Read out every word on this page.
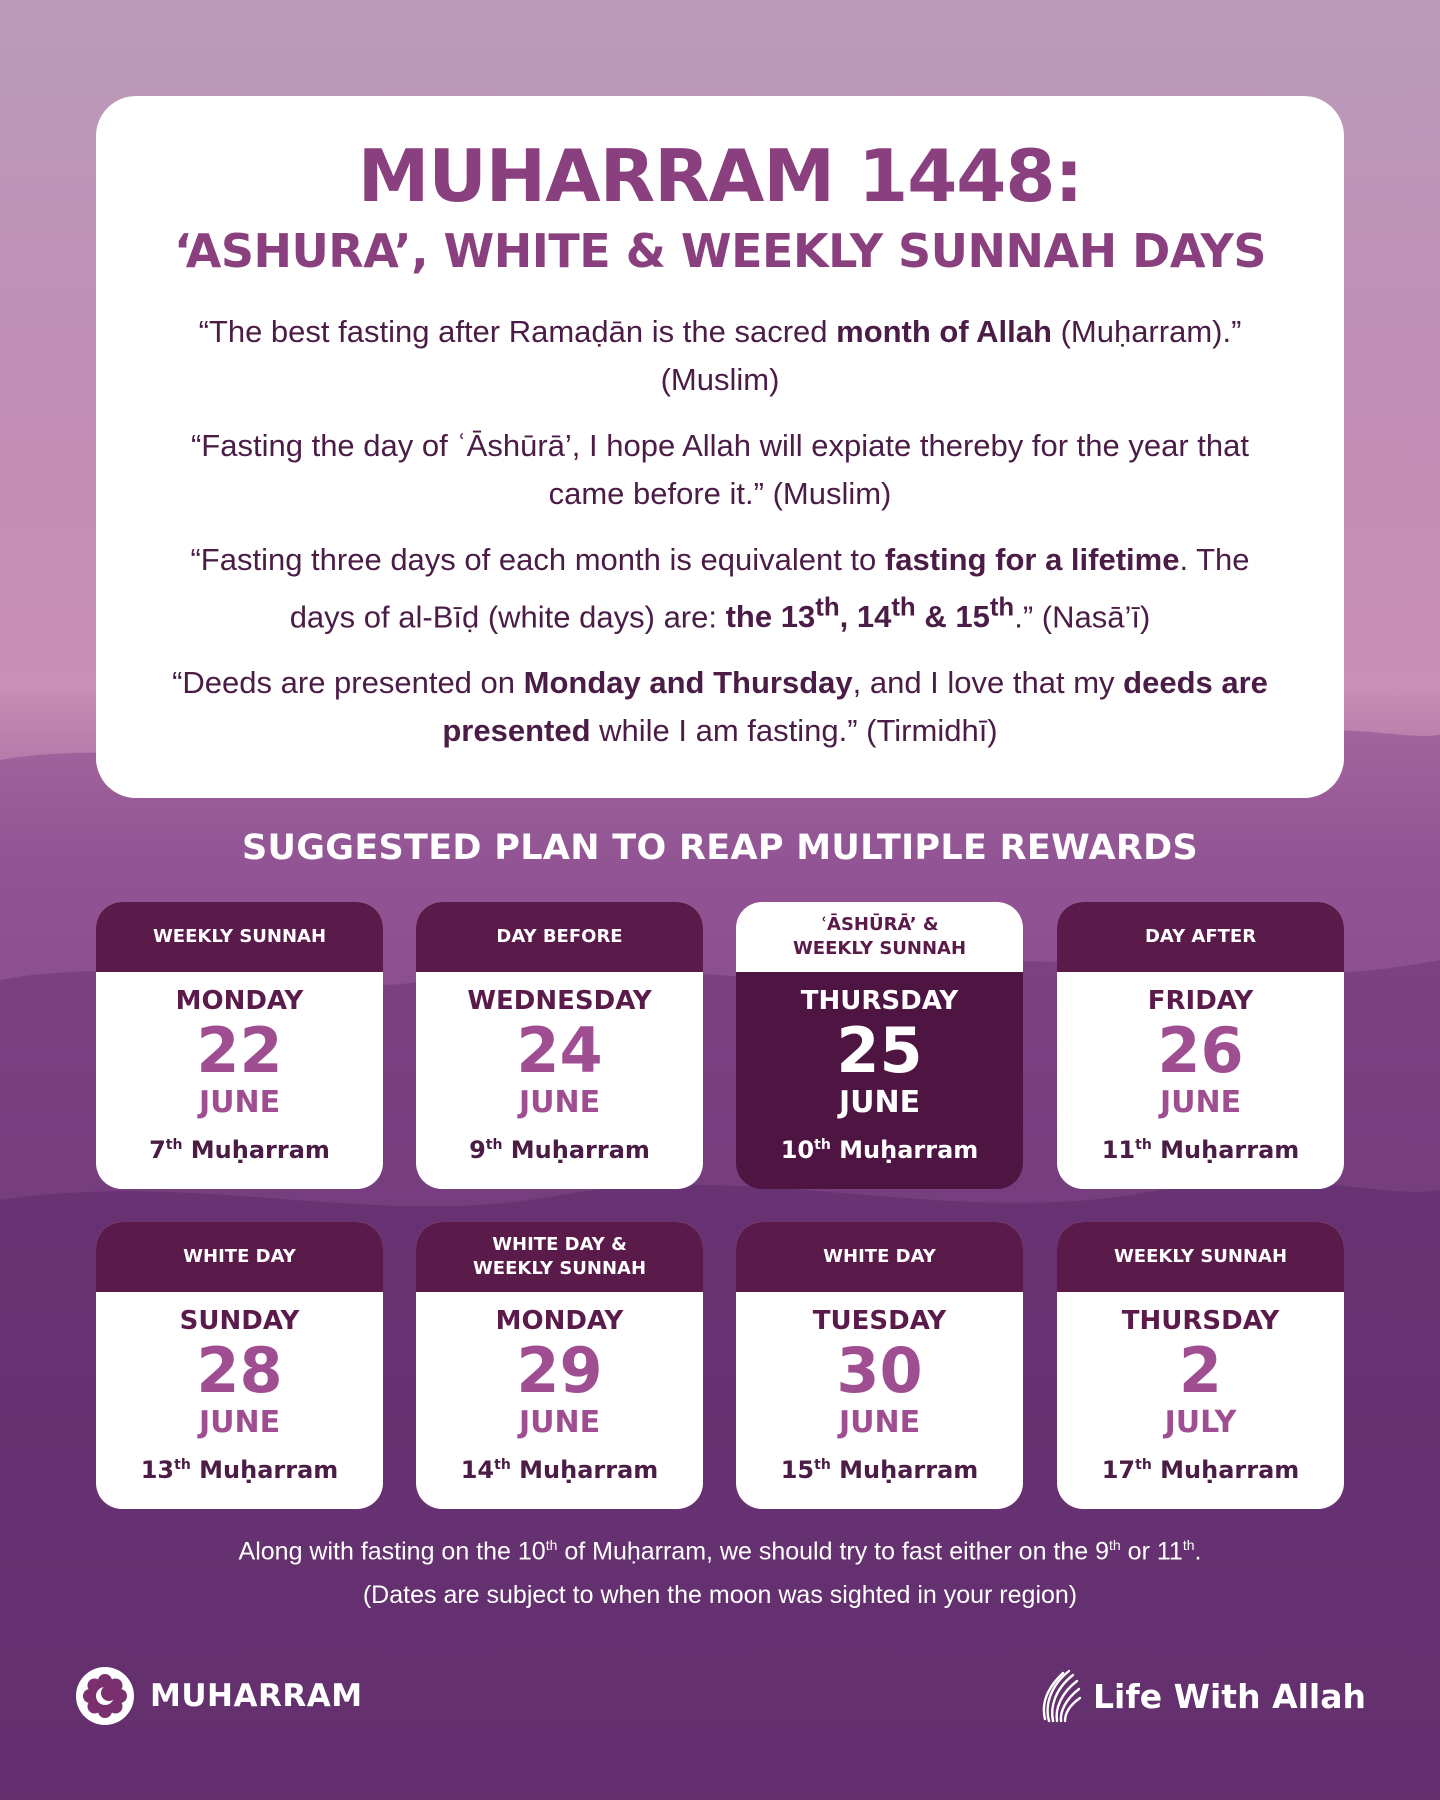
MUHARRAM 1448:
‘ASHURA’, WHITE & WEEKLY SUNNAH DAYS
“The best fasting after Ramaḍān is the sacred month of Allah (Muḥarram).” (Muslim)
“Fasting the day of ʿĀshūrā’, I hope Allah will expiate thereby for the year that came before it.” (Muslim)
“Fasting three days of each month is equivalent to fasting for a lifetime. The days of al-Bīḍ (white days) are: the 13th, 14th & 15th.” (Nasā’ī)
“Deeds are presented on Monday and Thursday, and I love that my deeds are presented while I am fasting.” (Tirmidhī)
SUGGESTED PLAN TO REAP MULTIPLE REWARDS
WEEKLY SUNNAH
MONDAY
22
JUNE
7th Muḥarram
DAY BEFORE
WEDNESDAY
24
JUNE
9th Muḥarram
ʿĀSHŪRĀ’ &
WEEKLY SUNNAH
THURSDAY
25
JUNE
10th Muḥarram
DAY AFTER
FRIDAY
26
JUNE
11th Muḥarram
WHITE DAY
SUNDAY
28
JUNE
13th Muḥarram
WHITE DAY &
WEEKLY SUNNAH
MONDAY
29
JUNE
14th Muḥarram
WHITE DAY
TUESDAY
30
JUNE
15th Muḥarram
WEEKLY SUNNAH
THURSDAY
2
JULY
17th Muḥarram
Along with fasting on the 10th of Muḥarram, we should try to fast either on the 9th or 11th.
(Dates are subject to when the moon was sighted in your region)
MUHARRAM	Life With Allah
